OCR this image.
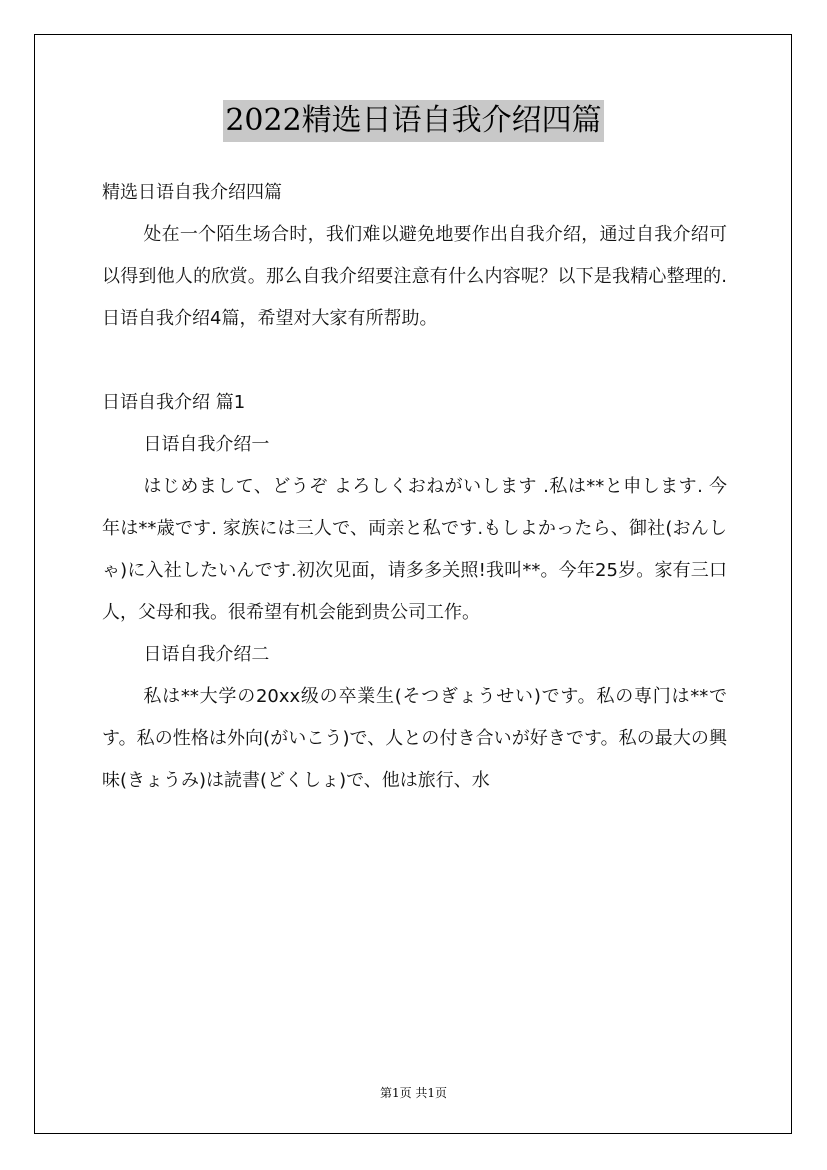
2022精选日语自我介绍四篇

精选日语自我介绍四篇

处在一个陌生场合时，我们难以避免地要作出自我介绍，通过自我介绍可以得到他人的欣赏。那么自我介绍要注意有什么内容呢？以下是我精心整理的.日语自我介绍4篇，希望对大家有所帮助。

日语自我介绍 篇1

日语自我介绍一

はじめまして、どうぞ よろしくおねがいします .私は**と申します. 今年は**歳です. 家族には三人で、両亲と私です.もしよかったら、御社(おんしゃ)に入社したいんです.初次见面，请多多关照!我叫**。今年25岁。家有三口人，父母和我。很希望有机会能到贵公司工作。

日语自我介绍二

私は**大学の20xx级の卒業生(そつぎょうせい)です。私の専门は**です。私の性格は外向(がいこう)で、人との付き合いが好きです。私の最大の興味(きょうみ)は読書(どくしょ)で、他は旅行、水

第1页 共1页
